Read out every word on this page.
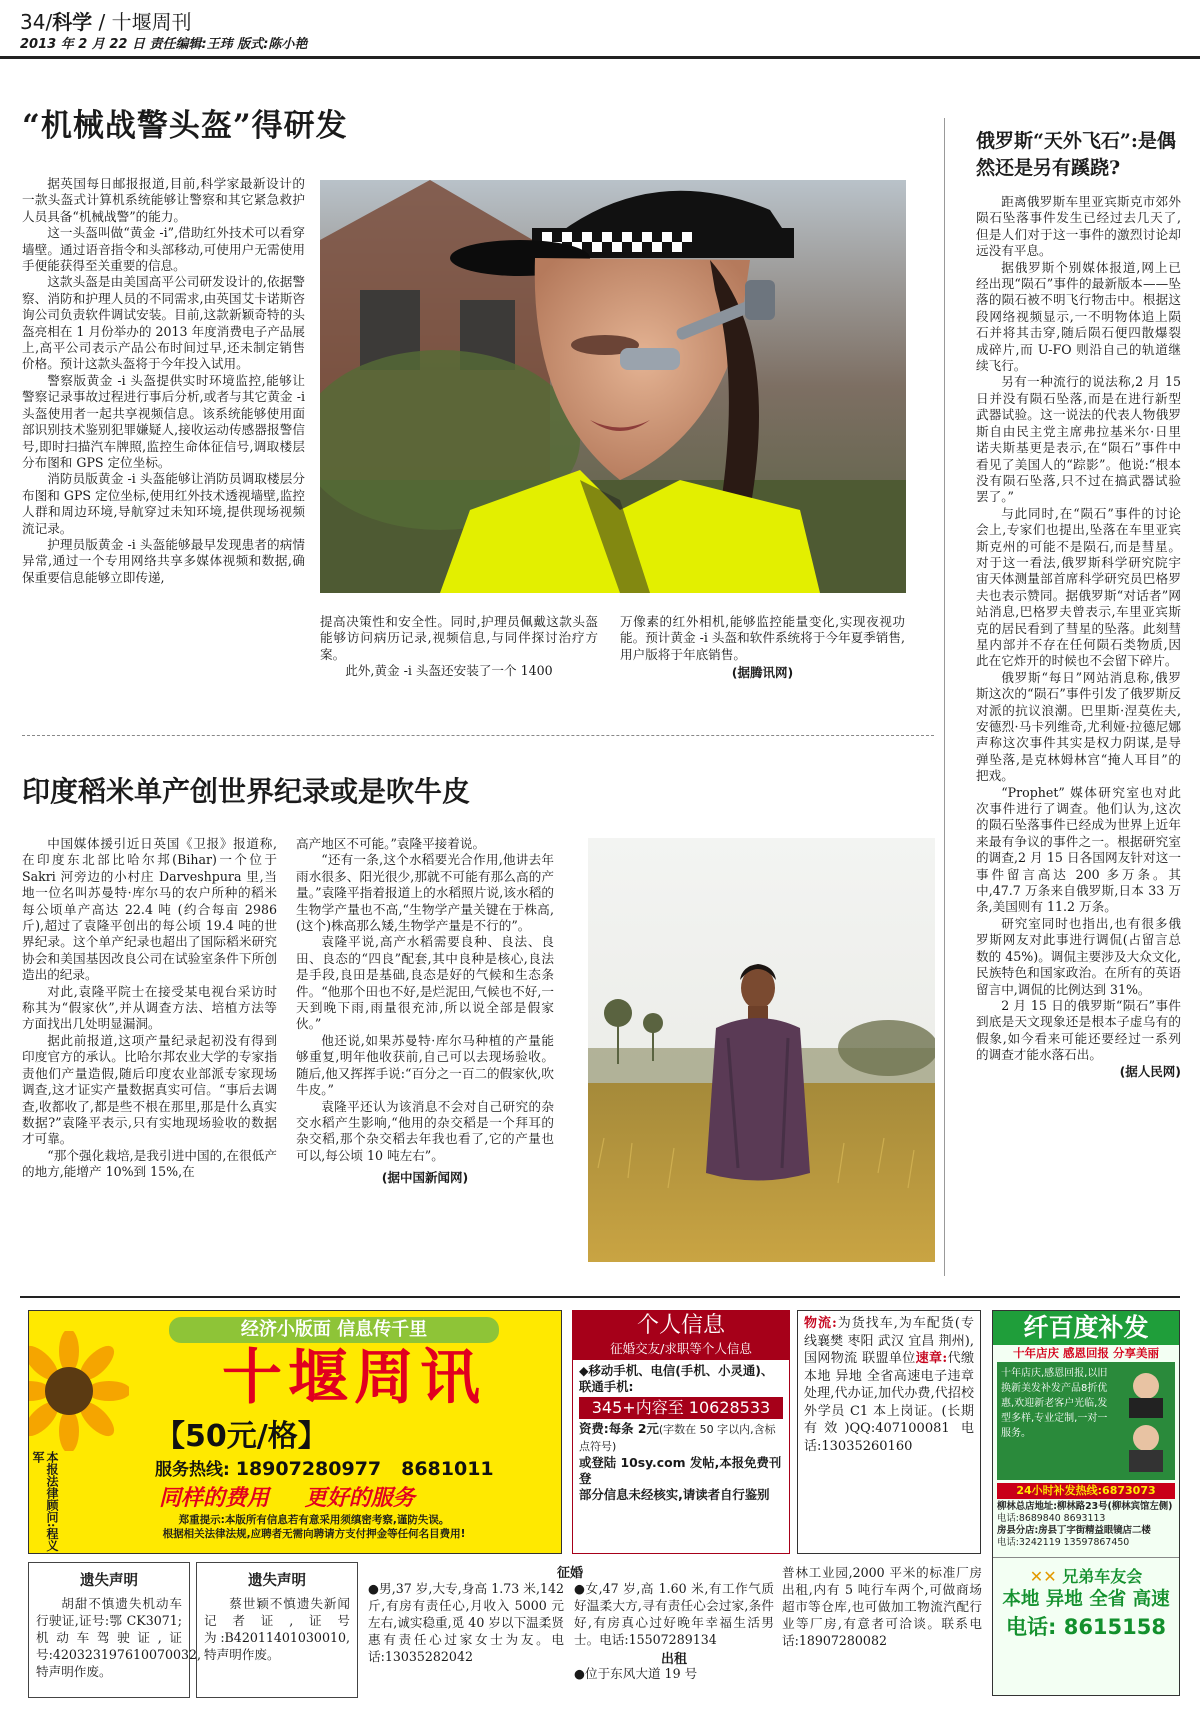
34/科学 / 十堰周刊
2013 年 2 月 22 日 责任编辑:王玮 版式:陈小艳
“机械战警头盔”得研发

据英国每日邮报报道,目前,科学家最新设计的一款头盔式计算机系统能够让警察和其它紧急救护人员具备“机械战警”的能力。

这一头盔叫做“黄金 -i”,借助红外技术可以看穿墙壁。通过语音指令和头部移动,可使用户无需使用手便能获得至关重要的信息。

这款头盔是由美国高平公司研发设计的,依据警察、消防和护理人员的不同需求,由英国艾卡诺斯咨询公司负责软件调试安装。目前,这款新颖奇特的头盔亮相在 1 月份举办的 2013 年度消费电子产品展上,高平公司表示产品公布时间过早,还未制定销售价格。预计这款头盔将于今年投入试用。

警察版黄金 -i 头盔提供实时环境监控,能够让警察记录事故过程进行事后分析,或者与其它黄金 -i 头盔使用者一起共享视频信息。该系统能够使用面部识别技术鉴别犯罪嫌疑人,接收运动传感器报警信号,即时扫描汽车牌照,监控生命体征信号,调取楼层分布图和 GPS 定位坐标。

消防员版黄金 -i 头盔能够让消防员调取楼层分布图和 GPS 定位坐标,使用红外技术透视墙壁,监控人群和周边环境,导航穿过未知环境,提供现场视频流记录。

护理员版黄金 -i 头盔能够最早发现患者的病情异常,通过一个专用网络共享多媒体视频和数据,确保重要信息能够立即传递,

提高决策性和安全性。同时,护理员佩戴这款头盔能够访问病历记录,视频信息,与同伴探讨治疗方案。

此外,黄金 -i 头盔还安装了一个 1400

万像素的红外相机,能够监控能量变化,实现夜视功能。预计黄金 -i 头盔和软件系统将于今年夏季销售,用户版将于年底销售。

(据腾讯网)
印度稻米单产创世界纪录或是吹牛皮

中国媒体援引近日英国《卫报》报道称,在印度东北部比哈尔邦(Bihar)一个位于 Sakri 河旁边的小村庄 Darveshpura 里,当地一位名叫苏曼特·库尔马的农户所种的稻米每公顷单产高达 22.4 吨 (约合每亩 2986 斤),超过了袁隆平创出的每公顷 19.4 吨的世界纪录。这个单产纪录也超出了国际稻米研究协会和美国基因改良公司在试验室条件下所创造出的纪录。

对此,袁隆平院士在接受某电视台采访时称其为“假家伙”,并从调查方法、培植方法等方面找出几处明显漏洞。

据此前报道,这项产量纪录起初没有得到印度官方的承认。比哈尔邦农业大学的专家指责他们产量造假,随后印度农业部派专家现场调查,这才证实产量数据真实可信。“事后去调查,收都收了,都是些不根在那里,那是什么真实数据?”袁隆平表示,只有实地现场验收的数据才可靠。

“那个强化栽培,是我引进中国的,在很低产的地方,能增产 10%到 15%,在

高产地区不可能。”袁隆平接着说。

“还有一条,这个水稻要光合作用,他讲去年雨水很多、阳光很少,那就不可能有那么高的产量。”袁隆平指着报道上的水稻照片说,该水稻的生物学产量也不高,“生物学产量关键在于株高,(这个)株高那么矮,生物学产量是不行的”。

袁隆平说,高产水稻需要良种、良法、良田、良态的“四良”配套,其中良种是核心,良法是手段,良田是基础,良态是好的气候和生态条件。“他那个田也不好,是烂泥田,气候也不好,一天到晚下雨,雨量很充沛,所以说全部是假家伙。”

他还说,如果苏曼特·库尔马种植的产量能够重复,明年他收获前,自己可以去现场验收。随后,他又挥挥手说:“百分之一百二的假家伙,吹牛皮。”

袁隆平还认为该消息不会对自己研究的杂交水稻产生影响,“他用的杂交稻是一个拜耳的杂交稻,那个杂交稻去年我也看了,它的产量也可以,每公顷 10 吨左右”。

(据中国新闻网)
俄罗斯“天外飞石”:是偶然还是另有蹊跷?

距离俄罗斯车里亚宾斯克市郊外陨石坠落事件发生已经过去几天了,但是人们对于这一事件的激烈讨论却远没有平息。

据俄罗斯个别媒体报道,网上已经出现“陨石”事件的最新版本——坠落的陨石被不明飞行物击中。根据这段网络视频显示,一不明物体追上陨石并将其击穿,随后陨石便四散爆裂成碎片,而 U-FO 则沿自己的轨道继续飞行。

另有一种流行的说法称,2 月 15 日并没有陨石坠落,而是在进行新型武器试验。这一说法的代表人物俄罗斯自由民主党主席弗拉基米尔·日里诺夫斯基更是表示,在“陨石”事件中看见了美国人的“踪影”。他说:“根本没有陨石坠落,只不过在搞武器试验罢了。”

与此同时,在“陨石”事件的讨论会上,专家们也提出,坠落在车里亚宾斯克州的可能不是陨石,而是彗星。对于这一看法,俄罗斯科学研究院宇宙天体测量部首席科学研究员巴格罗夫也表示赞同。据俄罗斯“对话者”网站消息,巴格罗夫曾表示,车里亚宾斯克的居民看到了彗星的坠落。此刻彗星内部并不存在任何陨石类物质,因此在它炸开的时候也不会留下碎片。

俄罗斯“每日”网站消息称,俄罗斯这次的“陨石”事件引发了俄罗斯反对派的抗议浪潮。巴里斯·涅莫佐夫,安德烈·马卡列维奇,尤利娅·拉德尼娜声称这次事件其实是权力阴谋,是导弹坠落,是克林姆林宫“掩人耳目”的把戏。

“Prophet” 媒体研究室也对此次事件进行了调查。他们认为,这次的陨石坠落事件已经成为世界上近年来最有争议的事件之一。根据研究室的调查,2 月 15 日各国网友针对这一事件留言高达 200 多万条。其中,47.7 万条来自俄罗斯,日本 33 万条,美国则有 11.2 万条。

研究室同时也指出,也有很多俄罗斯网友对此事进行调侃(占留言总数的 45%)。调侃主要涉及大众文化,民族特色和国家政治。在所有的英语留言中,调侃的比例达到 31%。

2 月 15 日的俄罗斯“陨石”事件到底是天文现象还是根本子虚乌有的假象,如今看来可能还要经过一系列的调查才能水落石出。

(据人民网)
本报法律顾问:程义军
经济小版面 信息传千里
十堰周讯
【50元/格】
服务热线: 18907280977 8681011
同样的费用 更好的服务
郑重提示:本版所有信息若有意采用须缜密考察,谨防失误。
根据相关法律法规,应聘者无需向聘请方支付押金等任何名目费用!
个人信息
征婚交友/求职等个人信息
◆移动手机、电信(手机、小灵通)、联通手机:
345+内容至 10628533
资费:每条 2元(字数在 50 字以内,含标点符号)
或登陆 10sy.com 发帖,本报免费刊登
部分信息未经核实,请读者自行鉴别
物流:为货找车,为车配货(专线襄樊 枣阳 武汉 宜昌 荆州),国网物流 联盟单位速章:代缴本地 异地 全省高速电子违章处理,代办证,加代办费,代招校外学员 C1 本上岗证。(长期有效)QQ:407100081 电话:13035260160
纤百度补发
十年店庆 感恩回报 分享美丽
十年店庆,感恩回报,以旧换新美发补发产品8折优惠,欢迎新老客户光临,发型多样,专业定制,一对一服务。
24小时补发热线:6873073
柳林总店地址:柳林路23号(柳林宾馆左侧)
电话:8689840 8693113
房县分店:房县丁字街精益眼镜店二楼
电话:3242119 13597867450
✕✕ 兄弟车友会
本地 异地 全省 高速
电话: 8615158
遗失声明
胡甜不慎遗失机动车行驶证,证号:鄂 CK3071;机动车驾驶证,证号:420323197610070032,特声明作废。
遗失声明
蔡世颖不慎遗失新闻记者证,证号为:B42011401030010,特声明作废。
征婚
●男,37 岁,大专,身高 1.73 米,142 斤,有房有责任心,月收入 5000 元左右,诚实稳重,觅 40 岁以下温柔贤惠有责任心过家女士为友。电话:13035282042
●女,47 岁,高 1.60 米,有工作气质好温柔大方,寻有责任心会过家,条件好,有房真心过好晚年幸福生活男士。电话:15507289134
出租
●位于东风大道 19 号
普林工业园,2000 平米的标准厂房出租,内有 5 吨行车两个,可做商场超市等仓库,也可做加工物流汽配行业等厂房,有意者可洽谈。联系电话:18907280082
